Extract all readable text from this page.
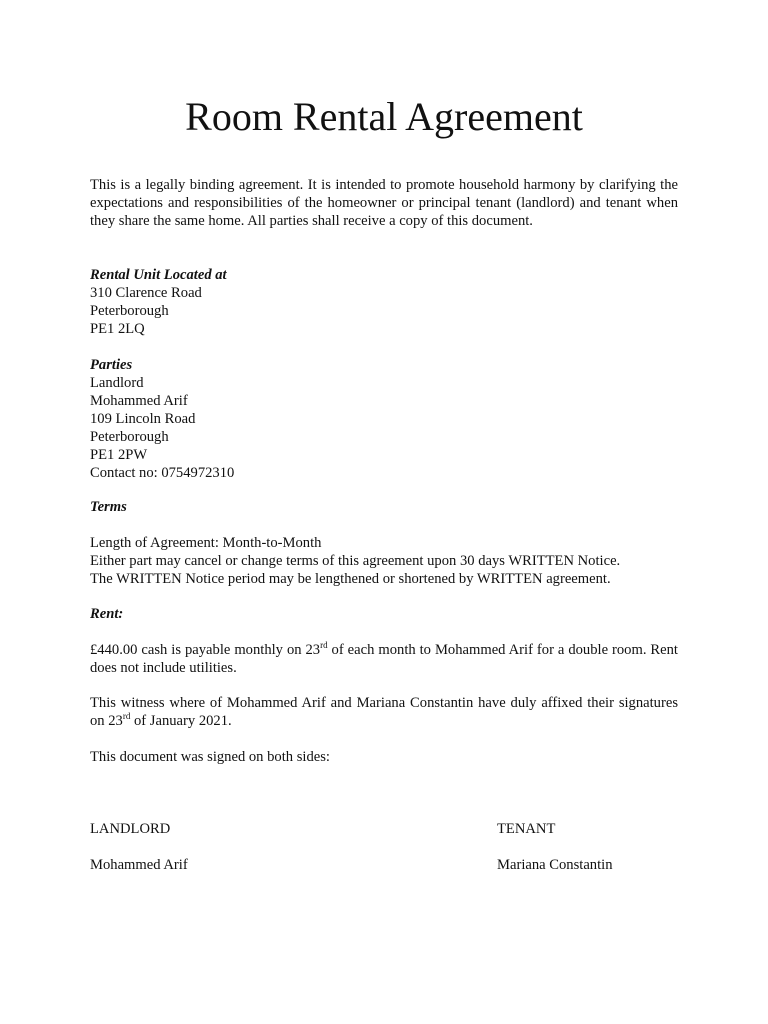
Room Rental Agreement

This is a legally binding agreement. It is intended to promote household harmony by clarifying the expectations and responsibilities of the homeowner or principal tenant (landlord) and tenant when they share the same home. All parties shall receive a copy of this document.

Rental Unit Located at
310 Clarence Road
Peterborough
PE1 2LQ
Parties
Landlord
Mohammed Arif
109 Lincoln Road
Peterborough
PE1 2PW
Contact no: 0754972310
Terms
Length of Agreement: Month-to-Month
Either part may cancel or change terms of this agreement upon 30 days WRITTEN Notice.
The WRITTEN Notice period may be lengthened or shortened by WRITTEN agreement.
Rent:

£440.00 cash is payable monthly on 23rd of each month to Mohammed Arif for a double room. Rent does not include utilities.

This witness where of Mohammed Arif and Mariana Constantin have duly affixed their signatures on 23rd of January 2021.

This document was signed on both sides:

LANDLORD
Mohammed Arif
TENANT
Mariana Constantin
